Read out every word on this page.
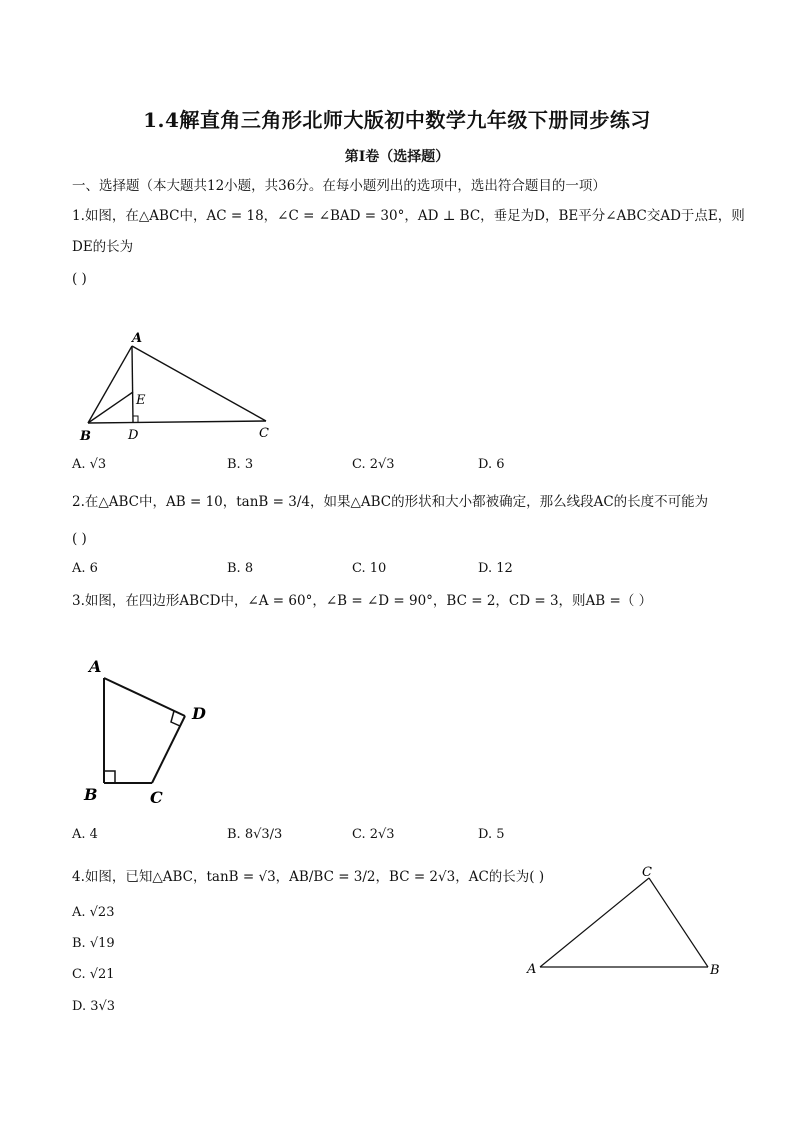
1.4解直角三角形北师大版初中数学九年级下册同步练习
第I卷（选择题）
一、选择题（本大题共12小题，共36分。在每小题列出的选项中，选出符合题目的一项）
1.如图，在△ABC中，AC = 18，∠C = ∠BAD = 30°，AD ⊥ BC，垂足为D，BE平分∠ABC交AD于点E，则
DE的长为
( )
A
B	D
E
C
A. √3	B. 3	C. 2√3	D. 6
2.在△ABC中，AB = 10，tanB = 3/4，如果△ABC的形状和大小都被确定，那么线段AC的长度不可能为
( )
A. 6	B. 8	C. 10	D. 12
3.如图，在四边形ABCD中，∠A = 60°，∠B = ∠D = 90°，BC = 2，CD = 3，则AB =（ ）
A
D
B	C
A. 4	B. 8√3/3	C. 2√3	D. 5
4.如图，已知△ABC，tanB = √3，AB/BC = 3/2，BC = 2√3，AC的长为( )
A. √23
B. √19
C. √21
D. 3√3
A	B
C
